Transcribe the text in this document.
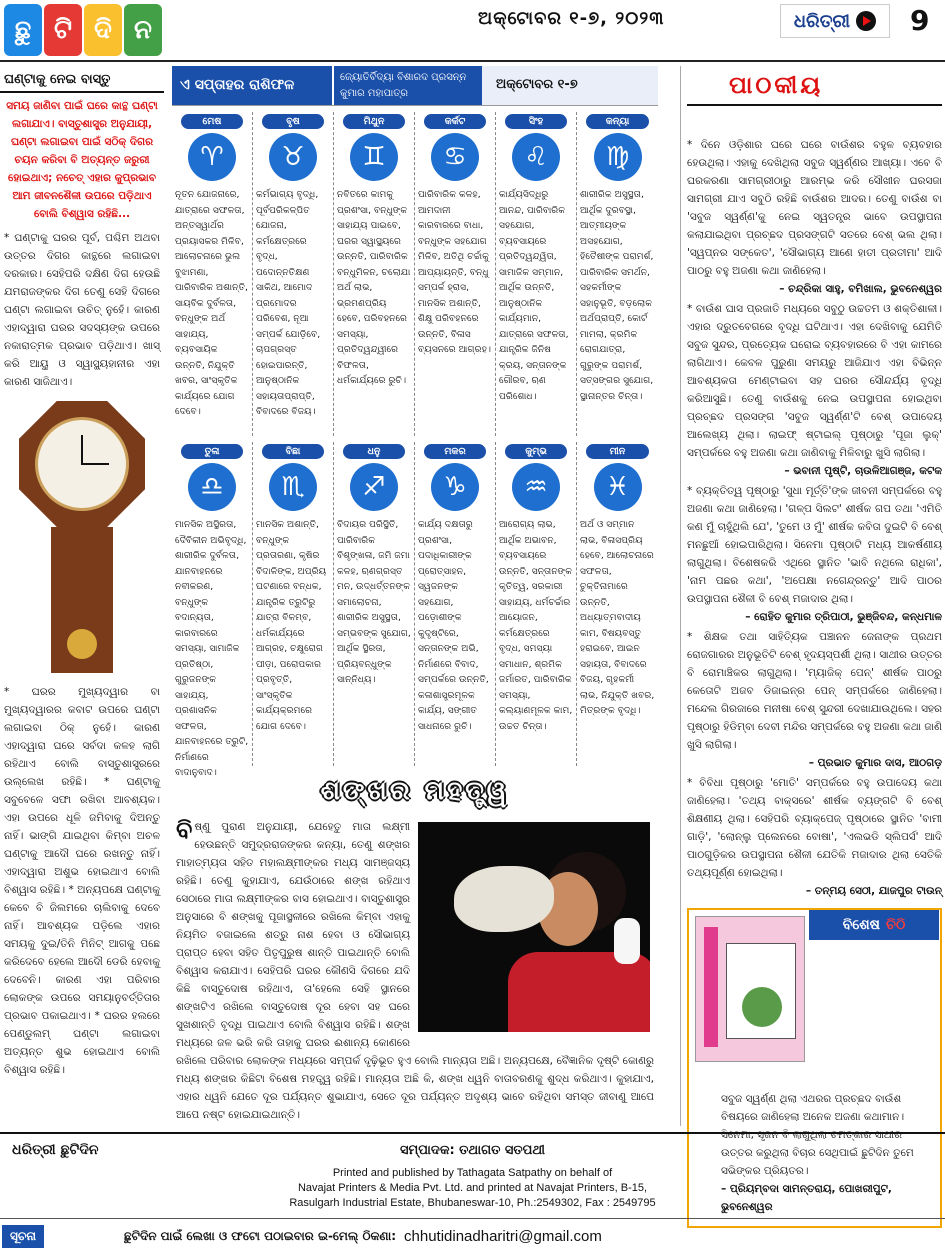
ଛୁ ଟି ଦି ନ	ଅକ୍ଟୋବର ୧-୭, ୨୦୨୩	ଧରିତ୍ରୀ 9
ଘଣ୍ଟାକୁ ନେଇ ବାସ୍ତୁ
ସମୟ ଜାଣିବା ପାଇଁ ଘରେ କାନ୍ଥ ଘଣ୍ଟା ଲଗାଯାଏ। ବାସ୍ତୁଶାସ୍ତ୍ର ଅନୁଯାୟୀ, ଘଣ୍ଟା ଲଗାଇବା ପାଇଁ ସଠିକ୍ ଦିଗର ଚୟନ କରିବା ବି ଅତ୍ୟନ୍ତ ଜରୁରୀ ହୋଇଥାଏ; ନଚେତ୍ ଏହାର କୁପ୍ରଭାବ ଆମ ଜୀବନଶୈଳୀ ଉପରେ ପଡ଼ିଥାଏ ବୋଲି ବିଶ୍ୱାସ ରହିଛି...
* ଘଣ୍ଟାକୁ ଘରର ପୂର୍ବ, ପଶ୍ଚିମ ଅଥବା ଉତ୍ତର ଦିଗର କାନ୍ଥରେ ଲଗାଇବା ଦରକାର। ସେହିପରି ଦକ୍ଷିଣ ଦିଗ ହେଉଛି ଯମରାଜଙ୍କର ଦିଗ ତେଣୁ ସେହି ଦିଗରେ ଘଣ୍ଟା ଲଗାଇବା ଉଚିତ୍ ନୁହେଁ। କାରଣ ଏହାଦ୍ୱାରା ଘରର ସଦସ୍ୟଙ୍କ ଉପରେ ନକାରାତ୍ମକ ପ୍ରଭାବ ପଡ଼ିଥାଏ। ଖାସ୍ କରି ଆୟୁ ଓ ସ୍ୱାସ୍ଥ୍ୟହାନୀର ଏହା କାରଣ ସାଜିଥାଏ।
* ଘରର ମୁଖ୍ୟଦ୍ୱାର ବା ମୁଖ୍ୟଦ୍ୱାରର କବାଟ ଉପରେ ଘଣ୍ଟା ଲଗାଇବା ଠିକ୍ ନୁହେଁ। କାରଣ ଏହାଦ୍ୱାରା ଘରେ ସର୍ବଦା କଳହ ଲାଗି ରହିଥାଏ ବୋଲି ବାସ୍ତୁଶାସ୍ତ୍ରରେ ଉଲ୍ଲେଖ ରହିଛି। * ଘଣ୍ଟାକୁ ସବୁବେଳେ ସଫା ରଖିବା ଆବଶ୍ୟକ। ଏହା ଉପରେ ଧୂଳି ଜମିବାକୁ ଦିଅନ୍ତୁ ନାହିଁ। ଭାଙ୍ଗି ଯାଇଥିବା କିମ୍ବା ଅଚଳ ଘଣ୍ଟାକୁ ଆଦୌ ଘରେ ରଖନ୍ତୁ ନାହିଁ। ଏହାଦ୍ୱାରା ଅଶୁଭ ହୋଇଥାଏ ବୋଲି ବିଶ୍ୱାସ ରହିଛି। * ଅନ୍ୟପକ୍ଷେ ଘଣ୍ଟାକୁ କେବେ ବି ଜିଲମରେ ଚାଲିବାକୁ ଦେବେ ନାହିଁ। ଆବଶ୍ୟକ ପଡ଼ିଲେ ଏହାର ସମୟକୁ ଦୁଇ/ତିନି ମିନିଟ୍ ଆଗକୁ ପଛେ କରିଦେବେ ହେଲେ ଆଦୌ ଡେରି ହେବାକୁ ଦେବେନି। କାରଣ ଏହା ପରିବାର ଲୋକଙ୍କ ଉପରେ ସମୟାନୁବର୍ତ୍ତିତାର ପ୍ରଭାବ ପକାଇଥାଏ। * ଘରର ହଲରେ ପେଣ୍ଡୁଲମ୍ ଘଣ୍ଟା ଲଗାଇବା ଅତ୍ୟନ୍ତ ଶୁଭ ହୋଇଥାଏ ବୋଲି ବିଶ୍ୱାସ ରହିଛି।
ଏ ସପ୍ତାହର ରାଶିଫଳ	ଜ୍ୟୋତିର୍ବିଦ୍ୟା ବିଶାରଦ ପ୍ରସନ୍ନ କୁମାର ମହାପାତ୍ର
ଅକ୍ଟୋବର ୧-୭
ମେଷ
♈
ନୂତନ ଯୋଜନାରେ, ଯାତ୍ରାରେ ସଫଳତା, ଅନ୍ତସ୍ୱାର୍ଥର ପ୍ରୟାସକର ମିଳିବ, ଆଲୋଚନାରେ ଭୁଲ ବୁଝାମଣା, ପାରିବାରିକ ଅଶାନ୍ତି, ସାୟବିକ ଦୁର୍ବଳତା, ବନ୍ଧୁଙ୍କ ଅର୍ଥ ସାହାଯ୍ୟ, ବ୍ୟବସାୟିକ ଉନ୍ନତି, ନିଯୁକ୍ତି ଖବର, ସାଂସ୍କୃତିକ କାର୍ଯ୍ୟରେ ଯୋଗ ଦେବେ।
ବୃଷ
♉
କର୍ମଭାଗ୍ୟ ବୃଦ୍ଧି, ପୂର୍ବପରିକଳ୍ପିତ ଯୋଜନା, କର୍ମକ୍ଷେତ୍ରରେ ବୃଦ୍ଧ, ପଦୋନ୍ନତିକ୍ଷଣ ସାକିଥ, ଆମୋଦ ପ୍ରମୋଦର ପରିବେଶ, ନୂଆ ସମ୍ପର୍କ ଯୋଡ଼ିବେ, ଚାପଗ୍ରସ୍ତ ହୋଇପାରନ୍ତି, ଆନୁଷ୍ଠାନିକ ସହାୟତାପ୍ରାପ୍ତି, ବିବାଦରେ ବିଜୟ।
ମିଥୁନ
♊
ନବିତରେ କାମକୁ ପ୍ରଶଂସା, ବନ୍ଧୁଙ୍କ ସାହାଯ୍ୟ ପାଇବେ, ଘରର ସ୍ୱାସ୍ଥ୍ୟରେ ଉନ୍ନତି, ପାରିବାରିକ ବନ୍ଧୁମିଳନ, ଚଲୋଯା ଅର୍ଥ ଲାଭ, ଭ୍ରମଣପ୍ରିୟ ହେବେ, ପରିବହନରେ ସମସ୍ୟା, ପ୍ରତିଦ୍ୱନ୍ଦ୍ୱୀରେ ବିଫଳତା, ଧର୍ମକାର୍ଯ୍ୟରେ ରୁଚି।
କର୍କଟ
♋
ପାରିବାରିକ କଳହ, ଆମଦାନୀ କାରବାରରେ ବାଧା, ବନ୍ଧୁଙ୍କ ସହଯୋଗ ମିଳିବ, ଅତିଥି ଚର୍ଚ୍ଚାକୁ ଆପ୍ୟାୟନ୍ତି, ବନ୍ଧୁ ସମ୍ପର୍କ ହ୍ରାସ, ମାନସିକ ଅଶାନ୍ତି, ଶିକ୍ଷୁ ପରିବହନରେ ଉନ୍ନତି, ବିଳାସ ବ୍ୟସନରେ ଆଗ୍ରହ।
ସିଂହ
♌
କାର୍ଯ୍ୟସିଦ୍ଧିରୁ ଆନନ୍ଦ, ପାରିବାରିକ ସହଯୋଗ, ବ୍ୟବସାୟରେ ପ୍ରତିଦ୍ୱନ୍ଦ୍ୱିତା, ସାମାଜିକ ସମ୍ମାନ, ଆର୍ଥିକ ଉନ୍ନତି, ଆନୁଷ୍ଠାନିକ କାର୍ଯ୍ୟମାନ, ଯାତ୍ରାରେ ସଫଳତା, ଯାନ୍ତ୍ରିକ ଜିନିଷ କ୍ରୟ, ସନ୍ତାନଙ୍କ ଗୌରବ, ଋଣ ପରିଶୋଧ।
କନ୍ୟା
♍
ଶାରୀରିକ ଅସୁସ୍ଥତା, ଆର୍ଥିକ ଦୁରବସ୍ଥା, ଆତ୍ମୀୟଙ୍କ ଅସହଯୋଗ, ହିତୈଷୀଙ୍କ ପରାମର୍ଶ, ପାରିବାରିକ ସମର୍ଥନ, ସହକର୍ମୀଙ୍କ ସହାନୁଭୂତି, ବଡ଼ଲୋକ ଅର୍ଥପ୍ରାପ୍ତି, କୋର୍ଟ ମାମଲା, କ୍ରମିକ ରୋଗଯାତ୍ରା, ଗୁରୁଙ୍କ ପରାମର୍ଶ, ସତ୍‌ସଙ୍ଗର ସୁଯୋଗ, ସ୍ଥାନାନ୍ତର ଚିନ୍ତା।
ତୁଳା
♎
ମାନସିକ ଅସ୍ଥିରତା, ଦୈବିକୀନ ଅଭିବୃଦ୍ଧି, ଶାରୀରିକ ଦୁର୍ବଳତା, ଯାନବାହନରେ ନବୀକରଣ, ବନ୍ଧୁଙ୍କ ବଦାନ୍ୟତା, କାରବାରରେ ସମସ୍ୟା, ସାମାଜିକ ପ୍ରତିଷ୍ଠା, ଗୁରୁଜନଙ୍କ ସାହାଯ୍ୟ, ପ୍ରଶାସନିକ ସଫଳତା, ଯାନବାହନରେ ତ୍ରୁଟି, ନିର୍ମାଣରେ ବାଦାନୁବାଦ।
ବିଛା
♏
ମାନସିକ ଅଶାନ୍ତି, ବନ୍ଧୁଙ୍କ ପ୍ରତାରଣା, କୃଷିର ବିଦାଳିଙ୍କ, ଅପ୍ରିୟ ଘଟଣାରେ ବନ୍ଧକ, ଯାନ୍ତ୍ରିକ ତ୍ରୁଟିରୁ ଯାତ୍ରା ବିଳମ୍ବ, ଧର୍ମକାର୍ଯ୍ୟରେ ଆଗ୍ରହ, ଚକ୍ଷୁରୋଗ ପୀଡ଼ା, ପରୋପକାର ପ୍ରବୃତ୍ତି, ସାଂସ୍କୃତିକ କାର୍ଯ୍ୟକ୍ରମରେ ଯୋଗ ଦେବେ।
ଧନୁ
♐
ବିଦାୟର ପରିସ୍ଥିତି, ପାରିବାରିକ ବିଶୃଙ୍ଖଳା, ଜମି ଜମା କଳହ, ଋଣଗ୍ରସ୍ତ ମନ, ଉଦ୍ଧର୍ତ୍ତନଙ୍କ ସମାଲୋଚନା, ଶାରୀରିକ ଅସୁସ୍ଥତା, ସମ୍ଭବଙ୍କ ସୁଯୋଗ, ଆର୍ଥିକ ସ୍ଥିରତା, ପ୍ରିୟବନ୍ଧୁଙ୍କ ସାନ୍ନିଧ୍ୟ।
ମକର
♑
କାର୍ଯ୍ୟ ଦକ୍ଷତାରୁ ପ୍ରଶଂସା, ପଦାଧିକାରୀଙ୍କ ପ୍ରୋତ୍ସାହନ, ସ୍ୱଜନଙ୍କ ସହଯୋଗ, ପଡ଼ୋଶୀଙ୍କ କୁଦୃଷ୍ଟିରେ, ସନ୍ତାନଙ୍କ ଅଭି, ନିର୍ମାଣରେ ବିବାଦ, ସମ୍ପର୍କରେ ଉନ୍ନତି, କଳାଶାସ୍ତ୍ରମୂଳକ କାର୍ଯ୍ୟ, ସଙ୍ଗୀତ ସାଧନାରେ ରୁଚି।
କୁମ୍ଭ
♒
ଆରୋଗ୍ୟ ଲାଭ, ଆର୍ଥିକ ଅଭାବନ, ବ୍ୟବସାୟରେ ଉନ୍ନତି, ସନ୍ତାନଙ୍କ କୃତିତ୍ୱ, ସରକାରୀ ସାହାଯ୍ୟ, ଧର୍ମଚର୍ଚ୍ଚାର ଆୟୋଜନ, କର୍ମକ୍ଷେତ୍ରରେ ବୃଦ୍ଧ, ସମସ୍ୟା ସମାଧାନ, ଶ୍ରମିକ ଜର୍ମାରତ, ପାରିବାରିକ ସମସ୍ୟା, କଲ୍ୟାଣମୂଳକ କାମ, ଉଚ୍ଚତ ଚିନ୍ତା।
ମୀନ
♓
ଅର୍ଥ ଓ ସମ୍ମାନ ଲାଭ, ବିଳାସପ୍ରିୟ ହେବେ, ଆଲୋଚନାରେ ସଫଳତା, ଚୁକ୍ତିନାମାରେ ଉନ୍ନତି, ଅଧ୍ୟାତ୍ମବାଦୀୟ କାମ, ବିଷୟବସ୍ତୁ ହରାଇବେ, ଆଇନ ସହାୟତା, ବିବାଦରେ ବିଜୟ, ଗୃହକର୍ମୀ ଲାଭ, ନିଯୁକ୍ତି ଖବର, ମିତ୍ରଙ୍କ ବୃଦ୍ଧି।
ଶଙ୍ଖର ମହତ୍ତ୍ୱ
ବିଷ୍ଣୁ ପୁରାଣ ଅନୁଯାୟୀ, ଯେହେତୁ ମାତା ଲକ୍ଷ୍ମୀ ହେଉଛନ୍ତି ସମୁଦ୍ରରାଜଙ୍କର କନ୍ୟା, ତେଣୁ ଶଙ୍ଖର ମାହାତ୍ମ୍ୟତା ସହିତ ମହାଲକ୍ଷ୍ମୀଙ୍କର ମଧ୍ୟ ସାମଞ୍ଜସ୍ୟ ରହିଛି। ତେଣୁ କୁହାଯାଏ, ଯେଉଁଠାରେ ଶଙ୍ଖ ରହିଥାଏ ସେଠାରେ ମାତା ଲକ୍ଷ୍ମୀଙ୍କର ବାସ ହୋଇଥାଏ। ବାସ୍ତୁଶାସ୍ତ୍ର ଅନୁସାରେ ବି ଶଙ୍ଖକୁ ପୂଜାସ୍ଥଳୀରେ ରଖିଲେ କିମ୍ବା ଏହାକୁ ନିୟମିତ ବଜାଇଲେ ଶତ୍ରୁ ନାଶ ହେବା ଓ ସୌଭାଗ୍ୟ ପ୍ରାପ୍ତ ହେବା ସହିତ ପିତୃପୁରୁଷ ଶାନ୍ତି ପାଇଥାନ୍ତି ବୋଲି ବିଶ୍ୱାସ କରାଯାଏ। ସେହିପରି ଘରର କୌଣସି ଦିଗରେ ଯଦି କିଛି ବାସ୍ତୁଦୋଷ ରହିଥାଏ, ତା'ହେଲେ ସେହି ସ୍ଥାନରେ ଶଙ୍ଖଟିଏ ରଖିଲେ ବାସ୍ତୁଦୋଷ ଦୂର ହେବା ସହ ଘରେ ସୁଖଶାନ୍ତି ବୃଦ୍ଧି ପାଇଥାଏ ବୋଲି ବିଶ୍ୱାସ ରହିଛି। ଶଙ୍ଖ ମଧ୍ୟରେ ଜଳ ଭରି କରି ତାହାକୁ ଘରର ଈଶାନ୍ୟ କୋଣରେ ରଖିଲେ ପରିବାର ଲୋକଙ୍କ ମଧ୍ୟରେ ସମ୍ପର୍କ ଦୃଢ଼ିଭୂତ ହୁଏ ବୋଲି ମାନ୍ୟତା ଅଛି। ଅନ୍ୟପକ୍ଷେ, ବୈଜ୍ଞାନିକ ଦୃଷ୍ଟି କୋଣରୁ ମଧ୍ୟ ଶଙ୍ଖର କିଛିଟା ବିଶେଷ ମହତ୍ତ୍ୱ ରହିଛି। ମାନ୍ୟତା ଅଛି କି, ଶଙ୍ଖ ଧ୍ୱନି ବାତାବରଣକୁ ଶୁଦ୍ଧ କରିଥାଏ। କୁହାଯାଏ, ଏହାର ଧ୍ୱନି ଯେତେ ଦୂର ପର୍ଯ୍ୟନ୍ତ ଶୁଭାଯାଏ, ସେତେ ଦୂର ପର୍ଯ୍ୟନ୍ତ ଅଦୃଶ୍ୟ ଭାବେ ରହିଥିବା ସମସ୍ତ ଜୀବାଣୁ ଆପେ ଆପେ ନଷ୍ଟ ହୋଇଯାଇଥାନ୍ତି।
ପାଠକୀୟ
* ଦିନେ ଓଡ଼ିଶାର ଘରେ ଘରେ ବାଉଁଶର ବହୁଳ ବ୍ୟବହାର ହେଉଥିଲା। ଏହାକୁ ଦେଖିଥିଲା ସବୁଜ ସ୍ୱର୍ଣ୍ଣର ଆଖ୍ୟା। ଏବେ ବି ଘରକରଣା ସାମଗ୍ରୀଠାରୁ ଆରମ୍ଭ କରି ସୌଖୀନ ଘରସଜା ସାମଗ୍ରୀ ଯାଏ ସବୁଠି ରହିଛି ବାଉଁଶର ଆଦର। ତେଣୁ ବାଉଁଶ ବା 'ସବୁଜ ସ୍ୱର୍ଣ୍ଣ'କୁ ନେଇ ସ୍ୱତନ୍ତ୍ର ଭାବେ ଉପସ୍ଥାପନା କଲାଯାଇଥିବା ପ୍ରଚ୍ଛଦ ପ୍ରସଙ୍ଗଟି ସତରେ ବେଶ୍ ଭଲ ଥିଲା। 'ସ୍ୱପ୍ନର ସଙ୍କେତ', 'ସୌଭାଗ୍ୟ ଆଣେ ହାତୀ ପ୍ରତୀମା' ଆଦି ପାଠରୁ ବହୁ ଅଜଣା କଥା ଜାଣିହେଲା।
– ଚନ୍ଦ୍ରିକା ସାହୁ, ବମିଖାଲ, ଭୁବନେଶ୍ୱର
* ବାଉଁଶ ଘାସ ପ୍ରଜାତି ମଧ୍ୟରେ ସବୁଠୁ ଉଚ୍ଚତମ ଓ ଶକ୍ତିଶାଳୀ। ଏହାର ଦ୍ରୁତବେଗରେ ବୃଦ୍ଧି ଘଟିଥାଏ। ଏହା ଦେଖିବାକୁ ଯେମିତି ସବୁଜ ସୁନ୍ଦର, ପ୍ରତ୍ୟେକ ଘରୋଇ ବ୍ୟବହାରରେ ବି ଏହା କାମରେ ଲାଗିଥାଏ। କେବଳ ପୁରୁଣା ସମୟରୁ ଆଜିଯାଏ ଏହା ବିଭିନ୍ନ ଆବଶ୍ୟକତା ମେଣ୍ଟାଇବା ସହ ଘରର ସୌନ୍ଦର୍ଯ୍ୟ ବୃଦ୍ଧି କରିଆସୁଛି। ତେଣୁ ବାଉଁଶକୁ ନେଇ ଉପସ୍ଥାପନା ହୋଇଥିବା ପ୍ରଚ୍ଛଦ ପ୍ରସଙ୍ଗ 'ସବୁଜ ସ୍ୱର୍ଣ୍ଣ'ଟି ବେଶ୍ ଉପାଦେୟ ଆଲେଖ୍ୟ ଥିଲା। ଲାଇଫ୍ ଷ୍ଟାଇଲ୍ ପୃଷ୍ଠାରୁ 'ପୂଜା ଲୁକ୍' ସମ୍ପର୍କରେ ବହୁ ଅଜଣା କଥା ଜାଣିବାକୁ ମିଳିବାରୁ ଖୁସି ଲାଗିଲା।
– ଭବାନୀ ପୃଷ୍ଟି, ଚାଉଳିଆଗଞ୍ଜ, କଟକ
* ବ୍ୟକ୍ତିତ୍ୱ ପୃଷ୍ଠାରୁ 'ସୁଧା ମୂର୍ତ୍ତି'ଙ୍କ ଜୀବନୀ ସମ୍ପର୍କରେ ବହୁ ଅଜଣା କଥା ଜାଣିହେଲା। 'ଗଳ୍ପ ସିଲଟ' ଶୀର୍ଷକ ଗପ ତଥା 'ଏମିତି କଣ ମୁଁ ଚାହୁଁଥିଲି ଯେ', 'ତୁମେ ଓ ମୁଁ' ଶୀର୍ଷକ କବିତା ଦୁଇଟି ବି ବେଶ୍ ମନଛୁଆଁ ହୋଇପାରିଥିଲା। ସିନେମା ପୃଷ୍ଠାଟି ମଧ୍ୟ ଆକର୍ଷଣୀୟ ଲାଗୁଥିଲା। ବିଶେଷକରି ଏଥିରେ ସ୍ଥାନିତ 'ଭାବି ନଥିଲେ ରାଧିକା', 'ନାମ ପଛର କଥା', 'ଅପେକ୍ଷା ନଗେନ୍ଦ୍ରନ୍ତୁ' ଆଦି ପାଠର ଉପସ୍ଥାପନା ଶୈଳୀ ବି ବେଶ୍ ମଜାଦାର ଥିଲା।
– ରୋହିତ କୁମାର ତ୍ରିପାଠୀ, ଭୁଞ୍ଜିବନ୍ଦ, କନ୍ଧମାଳ
* ଶିକ୍ଷକ ତଥା ସାହିତ୍ୟିକ ପଞ୍ଚାନନ ଜେନାଙ୍କ ପ୍ରଥମ ରୋଜଗାରର ଅନୁଭୂତିଟି ବେଶ୍ ହୃଦୟସ୍ପର୍ଶୀ ଥିଲା। ସାଥୀର ଉତ୍ତର ବି ରୋମାଞ୍ଚିକର ଲାଗୁଥିଲା। 'ମ୍ୟାଜିକ୍ ପେନ୍' ଶୀର୍ଷକ ପାଠରୁ କେତୋଟି ଅଜବ ଡିଜାଇନ୍‌ର ପେନ୍ ସମ୍ପର୍କରେ ଜାଣିହେଲା। ମନ୍ଦେଲ ଗିରଜାରେ ମନୀଷା ବେଶ୍ ସୁନ୍ଦରୀ ଦେଖାଯାଉଥିଲେ। ସହର ପୃଷ୍ଠାରୁ ହିଡିମ୍ବା ଦେବୀ ମନ୍ଦିର ସମ୍ପର୍କରେ ବହୁ ଅଜଣା କଥା ଜାଣି ଖୁସି ଲାଗିଲା।
– ପ୍ରଭାତ କୁମାର ଦାସ, ଆଠଗଡ଼
* ବିବିଧା ପୃଷ୍ଠାରୁ 'ମୋତି' ସମ୍ପର୍କରେ ବହୁ ଉପାଦେୟ କଥା ଜାଣିହେଲା। 'ତଥ୍ୟ ବାକ୍ସରେ' ଶୀର୍ଷକ ବ୍ୟଙ୍ଗଟି ବି ବେଶ୍ ଶିକ୍ଷଣୀୟ ଥିଲା। ସେହିପରି ବ୍ୟାକ୍‌ପେଜ୍ ପୃଷ୍ଠାରେ ସ୍ଥାନିତ 'ବାମୀ ଗାଡ଼ି', 'ଲୋନ୍ଲୁ ପ୍ଲେନରେ ବୋଷା', 'ଏଲଭଡି ସ୍ଲିପର୍ସ' ଆଦି ପାଠଗୁଡ଼ିକର ଉପସ୍ଥାପନା ଶୈଳୀ ଯେତିକି ମଜାଦାର ଥିଲା ସେତିକି ତଥ୍ୟପୂର୍ଣ୍ଣ ହୋଇଥିଲା।
– ତନ୍ମୟ ସେଠୀ, ଯାଜପୁର ଟାଉନ୍
ବିଶେଷ ଚିଠି
ସବୁଜ ସ୍ୱର୍ଣ୍ଣ ଥିଲା ଏଥରର ପ୍ରଚ୍ଛଦ ବାଉଁଶ ବିଷୟରେ ଜାଣିହେଲା ଅନେକ ଅଜଣା କଥାମାନ। ସିନେମା, ସୃଜନ ବି ଲାଗୁଥିଲା ଚମତ୍କାର ସାଥୀର ଉତ୍ତର କରୁଥିଲା ବିଚାର ସେଥିପାଇଁ ଛୁଟିଦିନ ତୁମେ ସଭିଙ୍କର ପ୍ରିୟତର।
– ପ୍ରିୟମ୍ବଦା ସାମନ୍ତରାୟ, ପୋଖରୀପୁଟ, ଭୁବନେଶ୍ୱର
ଧରିତ୍ରୀ ଛୁଟିଦିନ	ସମ୍ପାଦକ: ତଥାଗତ ସତପଥୀ
Printed and published by Tathagata Satpathy on behalf of
Navajat Printers & Media Pvt. Ltd. and printed at Navajat Printers, B-15,
Rasulgarh Industrial Estate, Bhubaneswar-10, Ph.:2549302, Fax : 2549795
ସୂଚନା	ଛୁଟିଦିନ ପାଇଁ ଲେଖା ଓ ଫଟୋ ପଠାଇବାର ଇ-ମେଲ୍ ଠିକଣା: chhutidinadharitri@gmail.com
